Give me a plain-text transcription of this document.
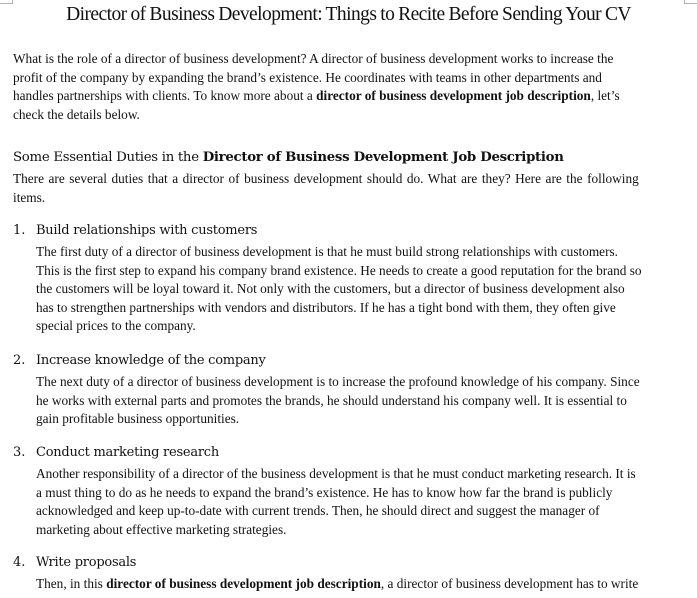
Director of Business Development: Things to Recite Before Sending Your CV
What is the role of a director of business development? A director of business development works to increase the
profit of the company by expanding the brand’s existence. He coordinates with teams in other departments and
handles partnerships with clients. To know more about a director of business development job description, let’s
check the details below.
Some Essential Duties in the Director of Business Development Job Description
There are several duties that a director of business development should do. What are they? Here are the following
items.
1. Build relationships with customers
The first duty of a director of business development is that he must build strong relationships with customers.
This is the first step to expand his company brand existence. He needs to create a good reputation for the brand so
the customers will be loyal toward it. Not only with the customers, but a director of business development also
has to strengthen partnerships with vendors and distributors. If he has a tight bond with them, they often give
special prices to the company.
2. Increase knowledge of the company
The next duty of a director of business development is to increase the profound knowledge of his company. Since
he works with external parts and promotes the brands, he should understand his company well. It is essential to
gain profitable business opportunities.
3. Conduct marketing research
Another responsibility of a director of the business development is that he must conduct marketing research. It is
a must thing to do as he needs to expand the brand’s existence. He has to know how far the brand is publicly
acknowledged and keep up-to-date with current trends. Then, he should direct and suggest the manager of
marketing about effective marketing strategies.
4. Write proposals
Then, in this director of business development job description, a director of business development has to write
